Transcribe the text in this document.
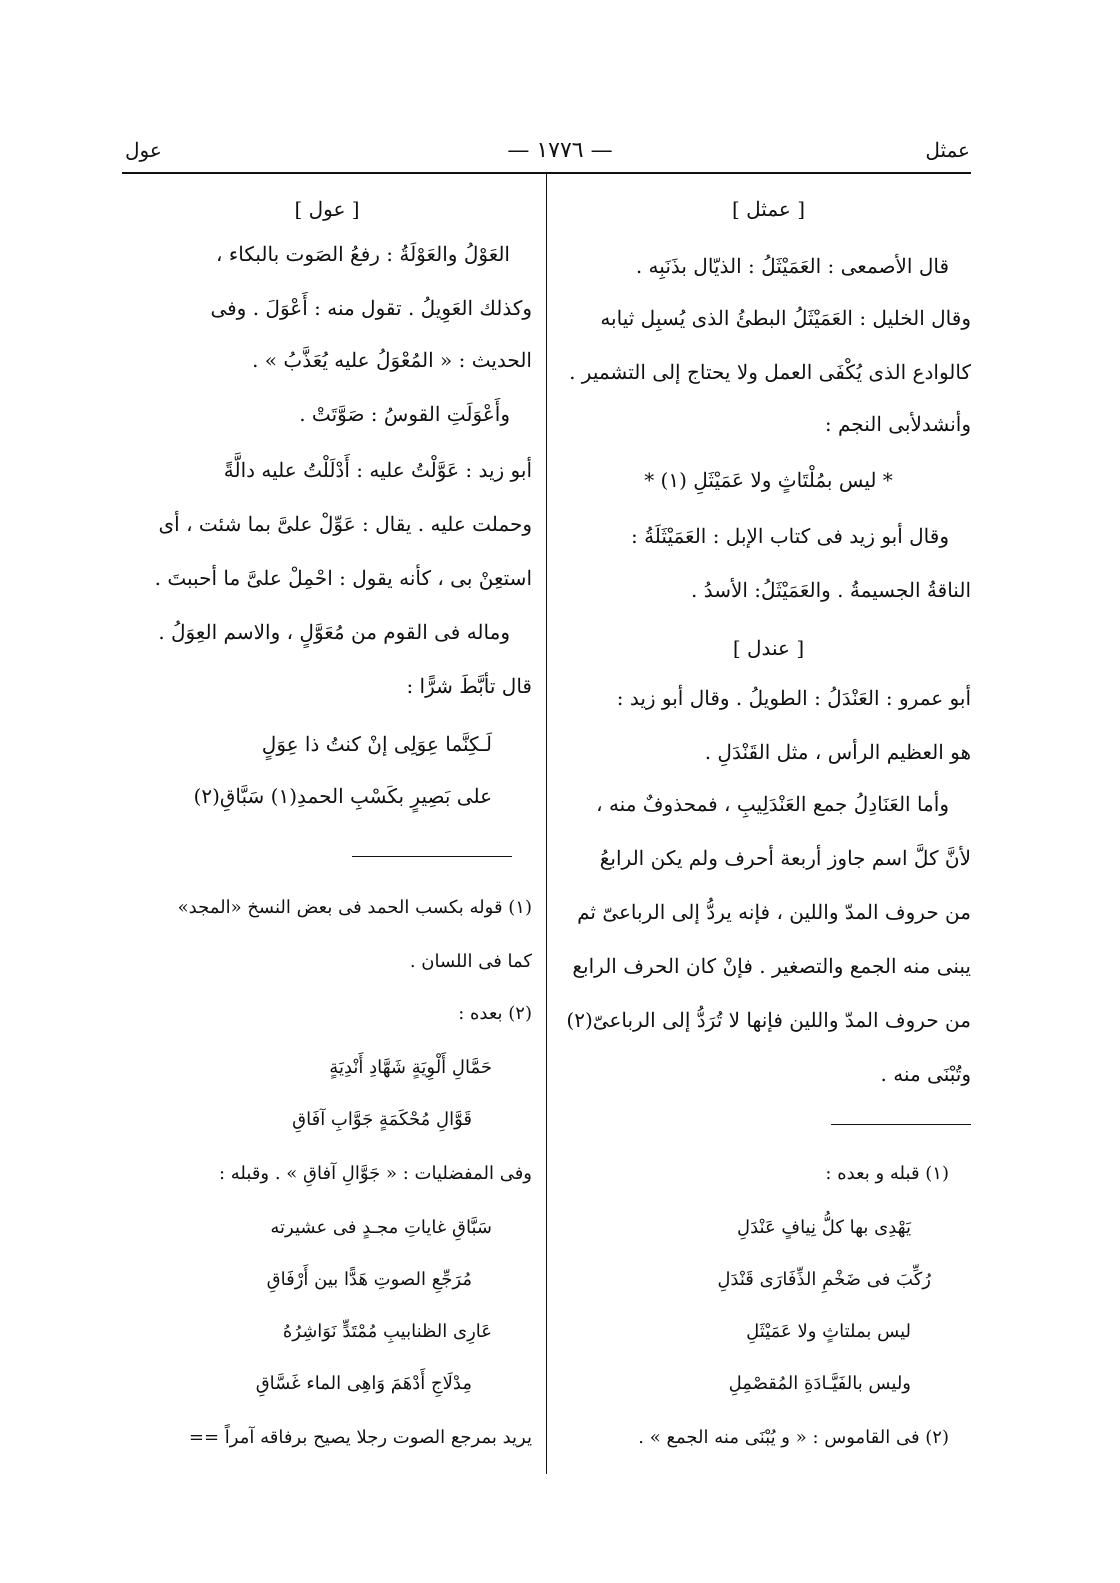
عمثل
— ١٧٧٦ —
عول
[ عمثل ]
قال الأصمعى : العَمَيْثَلُ : الذيّال بذَنَبِه .
وقال الخليل : العَمَيْثَلُ البطئُ الذى يُسبِل ثيابه
كالوادع الذى يُكْفَى العمل ولا يحتاج إلى التشمير .
وأنشدلأبى النجم :
* ليس بمُلْتَاثٍ ولا عَمَيْثَلِ (١) *
وقال أبو زيد فى كتاب الإبل : العَمَيْثَلَةُ :
الناقةُ الجسيمةُ . والعَمَيْثَلُ: الأسدُ .
[ عندل ]
أبو عمرو : العَنْدَلُ : الطويلُ . وقال أبو زيد :
هو العظيم الرأس ، مثل القَنْدَلِ .
وأما العَنَادِلُ جمع العَنْدَلِيبِ ، فمحذوفٌ منه ،
لأنَّ كلَّ اسم جاوز أربعة أحرف ولم يكن الرابعُ
من حروف المدّ واللين ، فإنه يردُّ إلى الرباعىّ ثم
يبنى منه الجمع والتصغير . فإنْ كان الحرف الرابع
من حروف المدّ واللين فإنها لا تُرَدُّ إلى الرباعىّ(٢)
وتُبْنَى منه .
(١) قبله و بعده :
يَهْدِى بها كلُّ نِيافٍ عَنْدَلِ
رُكِّبَ فى ضَخْمِ الذِّفَارَى قَنْدَلِ
ليس بملتاثٍ ولا عَمَيْثَلِ
وليس بالفَيَّـادَةِ المُقصْمِلِ
(٢) فى القاموس : « و يُبْنَى منه الجمع » .
[ عول ]
العَوْلُ والعَوْلَةُ : رفعُ الصَوت بالبكاء ،
وكذلك العَوِيلُ . تقول منه : أَعْوَلَ . وفى
الحديث : « المُعْوَلُ عليه يُعَذَّبُ » .
وأَعْوَلَتِ القوسُ : صَوَّتَتْ .
أبو زيد : عَوَّلْتُ عليه : أَدْلَلْتُ عليه دالَّةً
وحملت عليه . يقال : عَوِّلْ علىَّ بما شئت ، أى
استعِنْ بى ، كأنه يقول : احْمِلْ علىَّ ما أحببتَ .
وماله فى القوم من مُعَوَّلٍ ، والاسم العِوَلُ .
قال تأبَّطَ شرًّا :
لَـكِنَّما عِوَلِى إنْ كنتُ ذا عِوَلٍ
على بَصِيرٍ بكَسْبِ الحمدِ(١) سَبَّاقِ(٢)
(١) قوله بكسب الحمد فى بعض النسخ «المجد»
كما فى اللسان .
(٢) بعده :
حَمَّالِ أَلْوِيَةٍ شَهَّادِ أَنْدِيَةٍ
قَوَّالِ مُحْكَمَةٍ جَوَّابِ آفَاقِ
وفى المفضليات : « جَوَّالِ آفاقِ » . وقبله :
سَبَّاقِ غاياتِ مجـدٍ فى عشيرته
مُرَجِّعِ الصوتِ هَدًّا بين أَرْفَاقِ
عَارِى الظنابيبِ مُمْتَدٍّ نَوَاشِرُهُ
مِدْلَاجِ أَدْهَمَ وَاهِى الماء غَسَّاقِ
يريد بمرجع الصوت رجلا يصيح برفاقه آمراً ==
